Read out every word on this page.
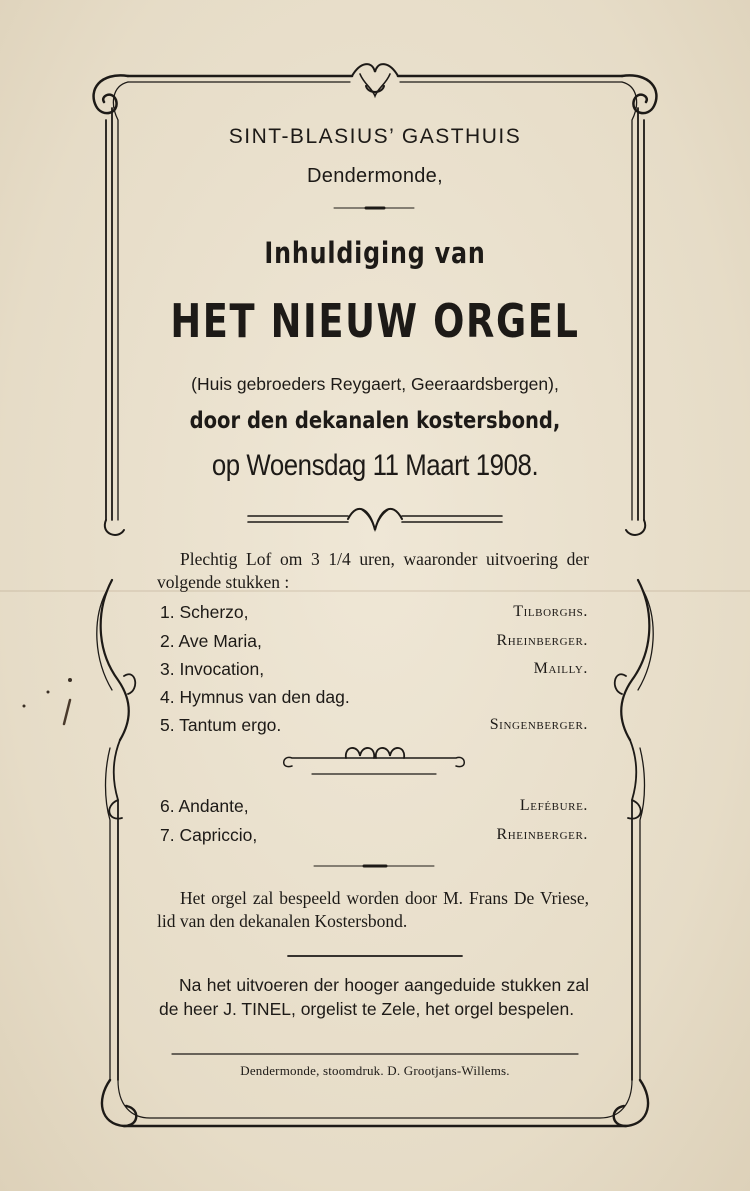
SINT-BLASIUS’ GASTHUIS
Dendermonde,
Inhuldiging van
HET NIEUW ORGEL
(Huis gebroeders Reygaert, Geeraardsbergen),
door den dekanalen kostersbond,
op Woensdag 11 Maart 1908.
Plechtig Lof om 3 1/4 uren, waaronder uitvoering der volgende stukken :
1. Scherzo,	Tilborghs.
2. Ave Maria,	Rheinberger.
3. Invocation,	Mailly.
4. Hymnus van den dag.
5. Tantum ergo.	Singenberger.
6. Andante,	Lefébure.
7. Capriccio,	Rheinberger.
Het orgel zal bespeeld worden door M. Frans De Vriese, lid van den dekanalen Kostersbond.
Na het uitvoeren der hooger aangeduide stukken zal de heer J. TINEL, orgelist te Zele, het orgel bespelen.
Dendermonde, stoomdruk. D. Grootjans-Willems.
